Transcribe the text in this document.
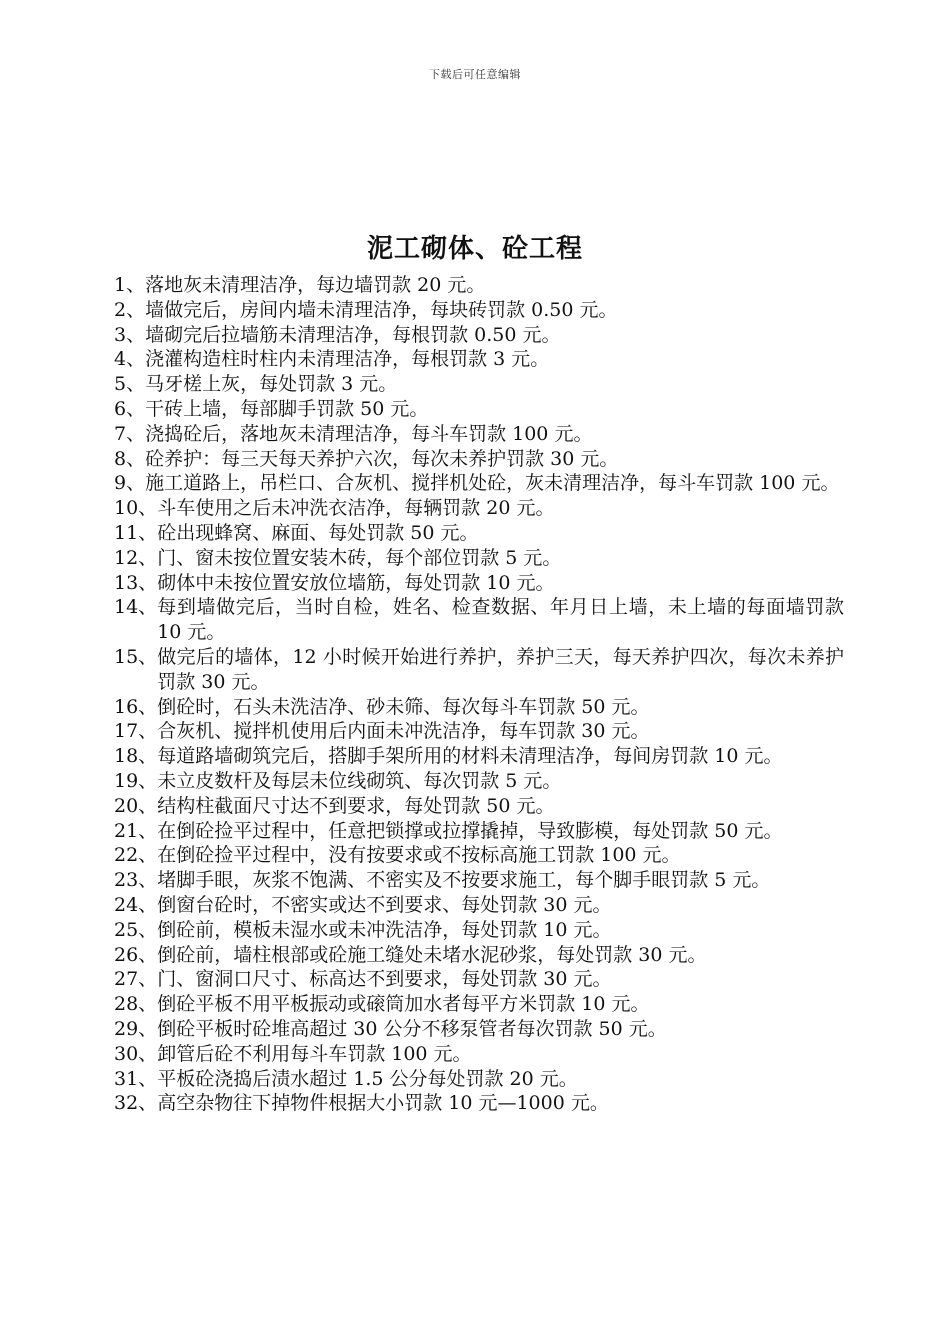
下载后可任意编辑
泥工砌体、砼工程
1、 落地灰未清理洁净，每边墙罚款 20 元。
2、 墙做完后，房间内墙未清理洁净，每块砖罚款 0.50 元。
3、 墙砌完后拉墙筋未清理洁净，每根罚款 0.50 元。
4、 浇灌构造柱时柱内未清理洁净，每根罚款 3 元。
5、 马牙槎上灰，每处罚款 3 元。
6、 干砖上墙，每部脚手罚款 50 元。
7、 浇捣砼后，落地灰未清理洁净，每斗车罚款 100 元。
8、 砼养护：每三天每天养护六次，每次未养护罚款 30 元。
9、 施工道路上，吊栏口、合灰机、搅拌机处砼，灰未清理洁净，每斗车罚款 100 元。
10、 斗车使用之后未冲洗衣洁净，每辆罚款 20 元。
11、 砼出现蜂窝、麻面、每处罚款 50 元。
12、 门、窗未按位置安装木砖，每个部位罚款 5 元。
13、 砌体中未按位置安放位墙筋，每处罚款 10 元。
14、 每到墙做完后，当时自检，姓名、检查数据、年月日上墙，未上墙的每面墙罚款 10 元。
15、 做完后的墙体，12 小时候开始进行养护，养护三天，每天养护四次，每次未养护罚款 30 元。
16、 倒砼时，石头未洗洁净、砂未筛、每次每斗车罚款 50 元。
17、 合灰机、搅拌机使用后内面未冲洗洁净，每车罚款 30 元。
18、 每道路墙砌筑完后，搭脚手架所用的材料未清理洁净，每间房罚款 10 元。
19、 未立皮数杆及每层未位线砌筑、每次罚款 5 元。
20、 结构柱截面尺寸达不到要求，每处罚款 50 元。
21、 在倒砼捡平过程中，任意把锁撑或拉撑撬掉，导致膨模，每处罚款 50 元。
22、 在倒砼捡平过程中，没有按要求或不按标高施工罚款 100 元。
23、 堵脚手眼，灰浆不饱满、不密实及不按要求施工，每个脚手眼罚款 5 元。
24、 倒窗台砼时，不密实或达不到要求、每处罚款 30 元。
25、 倒砼前，模板未湿水或未冲洗洁净，每处罚款 10 元。
26、 倒砼前，墙柱根部或砼施工缝处未堵水泥砂浆，每处罚款 30 元。
27、 门、窗洞口尺寸、标高达不到要求，每处罚款 30 元。
28、 倒砼平板不用平板振动或磙筒加水者每平方米罚款 10 元。
29、 倒砼平板时砼堆高超过 30 公分不移泵管者每次罚款 50 元。
30、 卸管后砼不利用每斗车罚款 100 元。
31、 平板砼浇捣后渍水超过 1.5 公分每处罚款 20 元。
32、 高空杂物往下掉物件根据大小罚款 10 元—1000 元。
